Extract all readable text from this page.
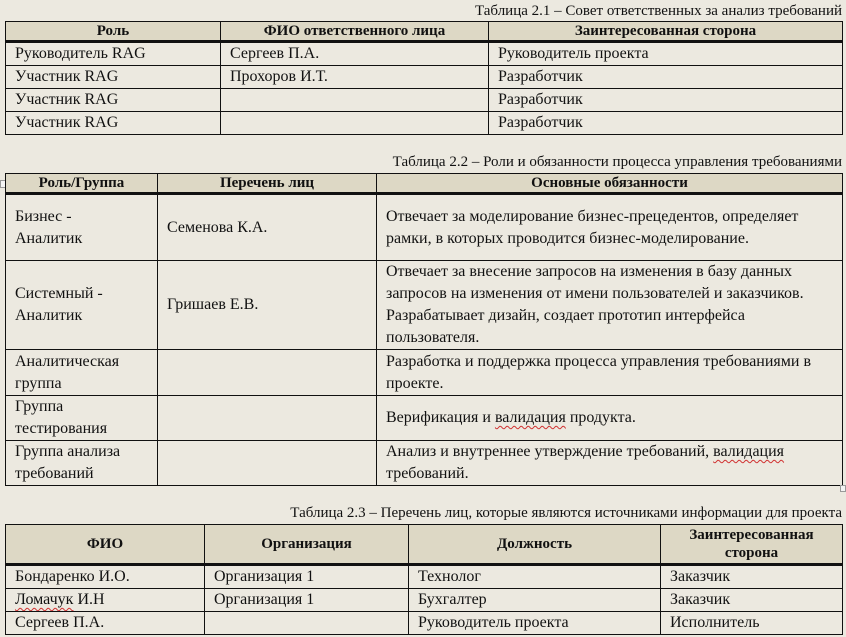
Таблица 2.1 – Совет ответственных за анализ требований
Роль	ФИО ответственного лица	Заинтересованная сторона
Руководитель RAG	Сергеев П.А.	Руководитель проекта
Участник RAG	Прохоров И.Т.	Разработчик
Участник RAG		Разработчик
Участник RAG		Разработчик
Таблица 2.2 – Роли и обязанности процесса управления требованиями
Роль/Группа	Перечень лиц	Основные обязанности
Бизнес - Аналитик	Семенова К.А.	Отвечает за моделирование бизнес-прецедентов, определяет рамки, в которых проводится бизнес-моделирование.
Системный - Аналитик	Гришаев Е.В.	Отвечает за внесение запросов на изменения в базу данных запросов на изменения от имени пользователей и заказчиков. Разрабатывает дизайн, создает прототип интерфейса пользователя.
Аналитическая группа		Разработка и поддержка процесса управления требованиями в проекте.
Группа тестирования		Верификация и валидация продукта.
Группа анализа требований		Анализ и внутреннее утверждение требований, валидация требований.
Таблица 2.3 – Перечень лиц, которые являются источниками информации для проекта
ФИО	Организация	Должность	Заинтересованная сторона
Бондаренко И.О.	Организация 1	Технолог	Заказчик
Ломачук И.Н	Организация 1	Бухгалтер	Заказчик
Сергеев П.А.		Руководитель проекта	Исполнитель
